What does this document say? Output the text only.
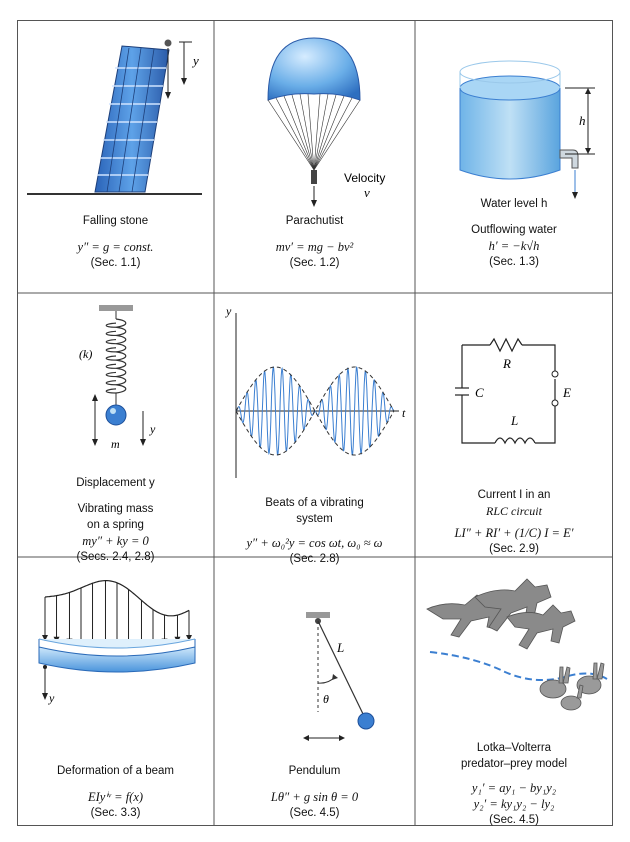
y
Falling stone
y″ = g = const.
(Sec. 1.1)
Velocity
v
Parachutist
mv′ = mg − bv²
(Sec. 1.2)
h
Water level h
Outflowing water
h′ = −k√h
(Sec. 1.3)
(k)
y
m
Displacement y
Vibrating mass
on a spring
my″ + ky = 0
(Secs. 2.4, 2.8)
y
t
Beats of a vibrating
system
y″ + ω₀²y = cos ωt, ω₀ ≈ ω
(Sec. 2.8)
R
C	E
L
Current I in an
RLC circuit
LI″ + RI′ + (1/C) I = E′
(Sec. 2.9)
y
Deformation of a beam
EIyⁱᵛ = f(x)
(Sec. 3.3)
L
θ
Pendulum
Lθ″ + g sin θ = 0
(Sec. 4.5)
Lotka–Volterra
predator–prey model
y₁′ = ay₁ − by₁y₂
y₂′ = ky₁y₂ − ly₂
(Sec. 4.5)
